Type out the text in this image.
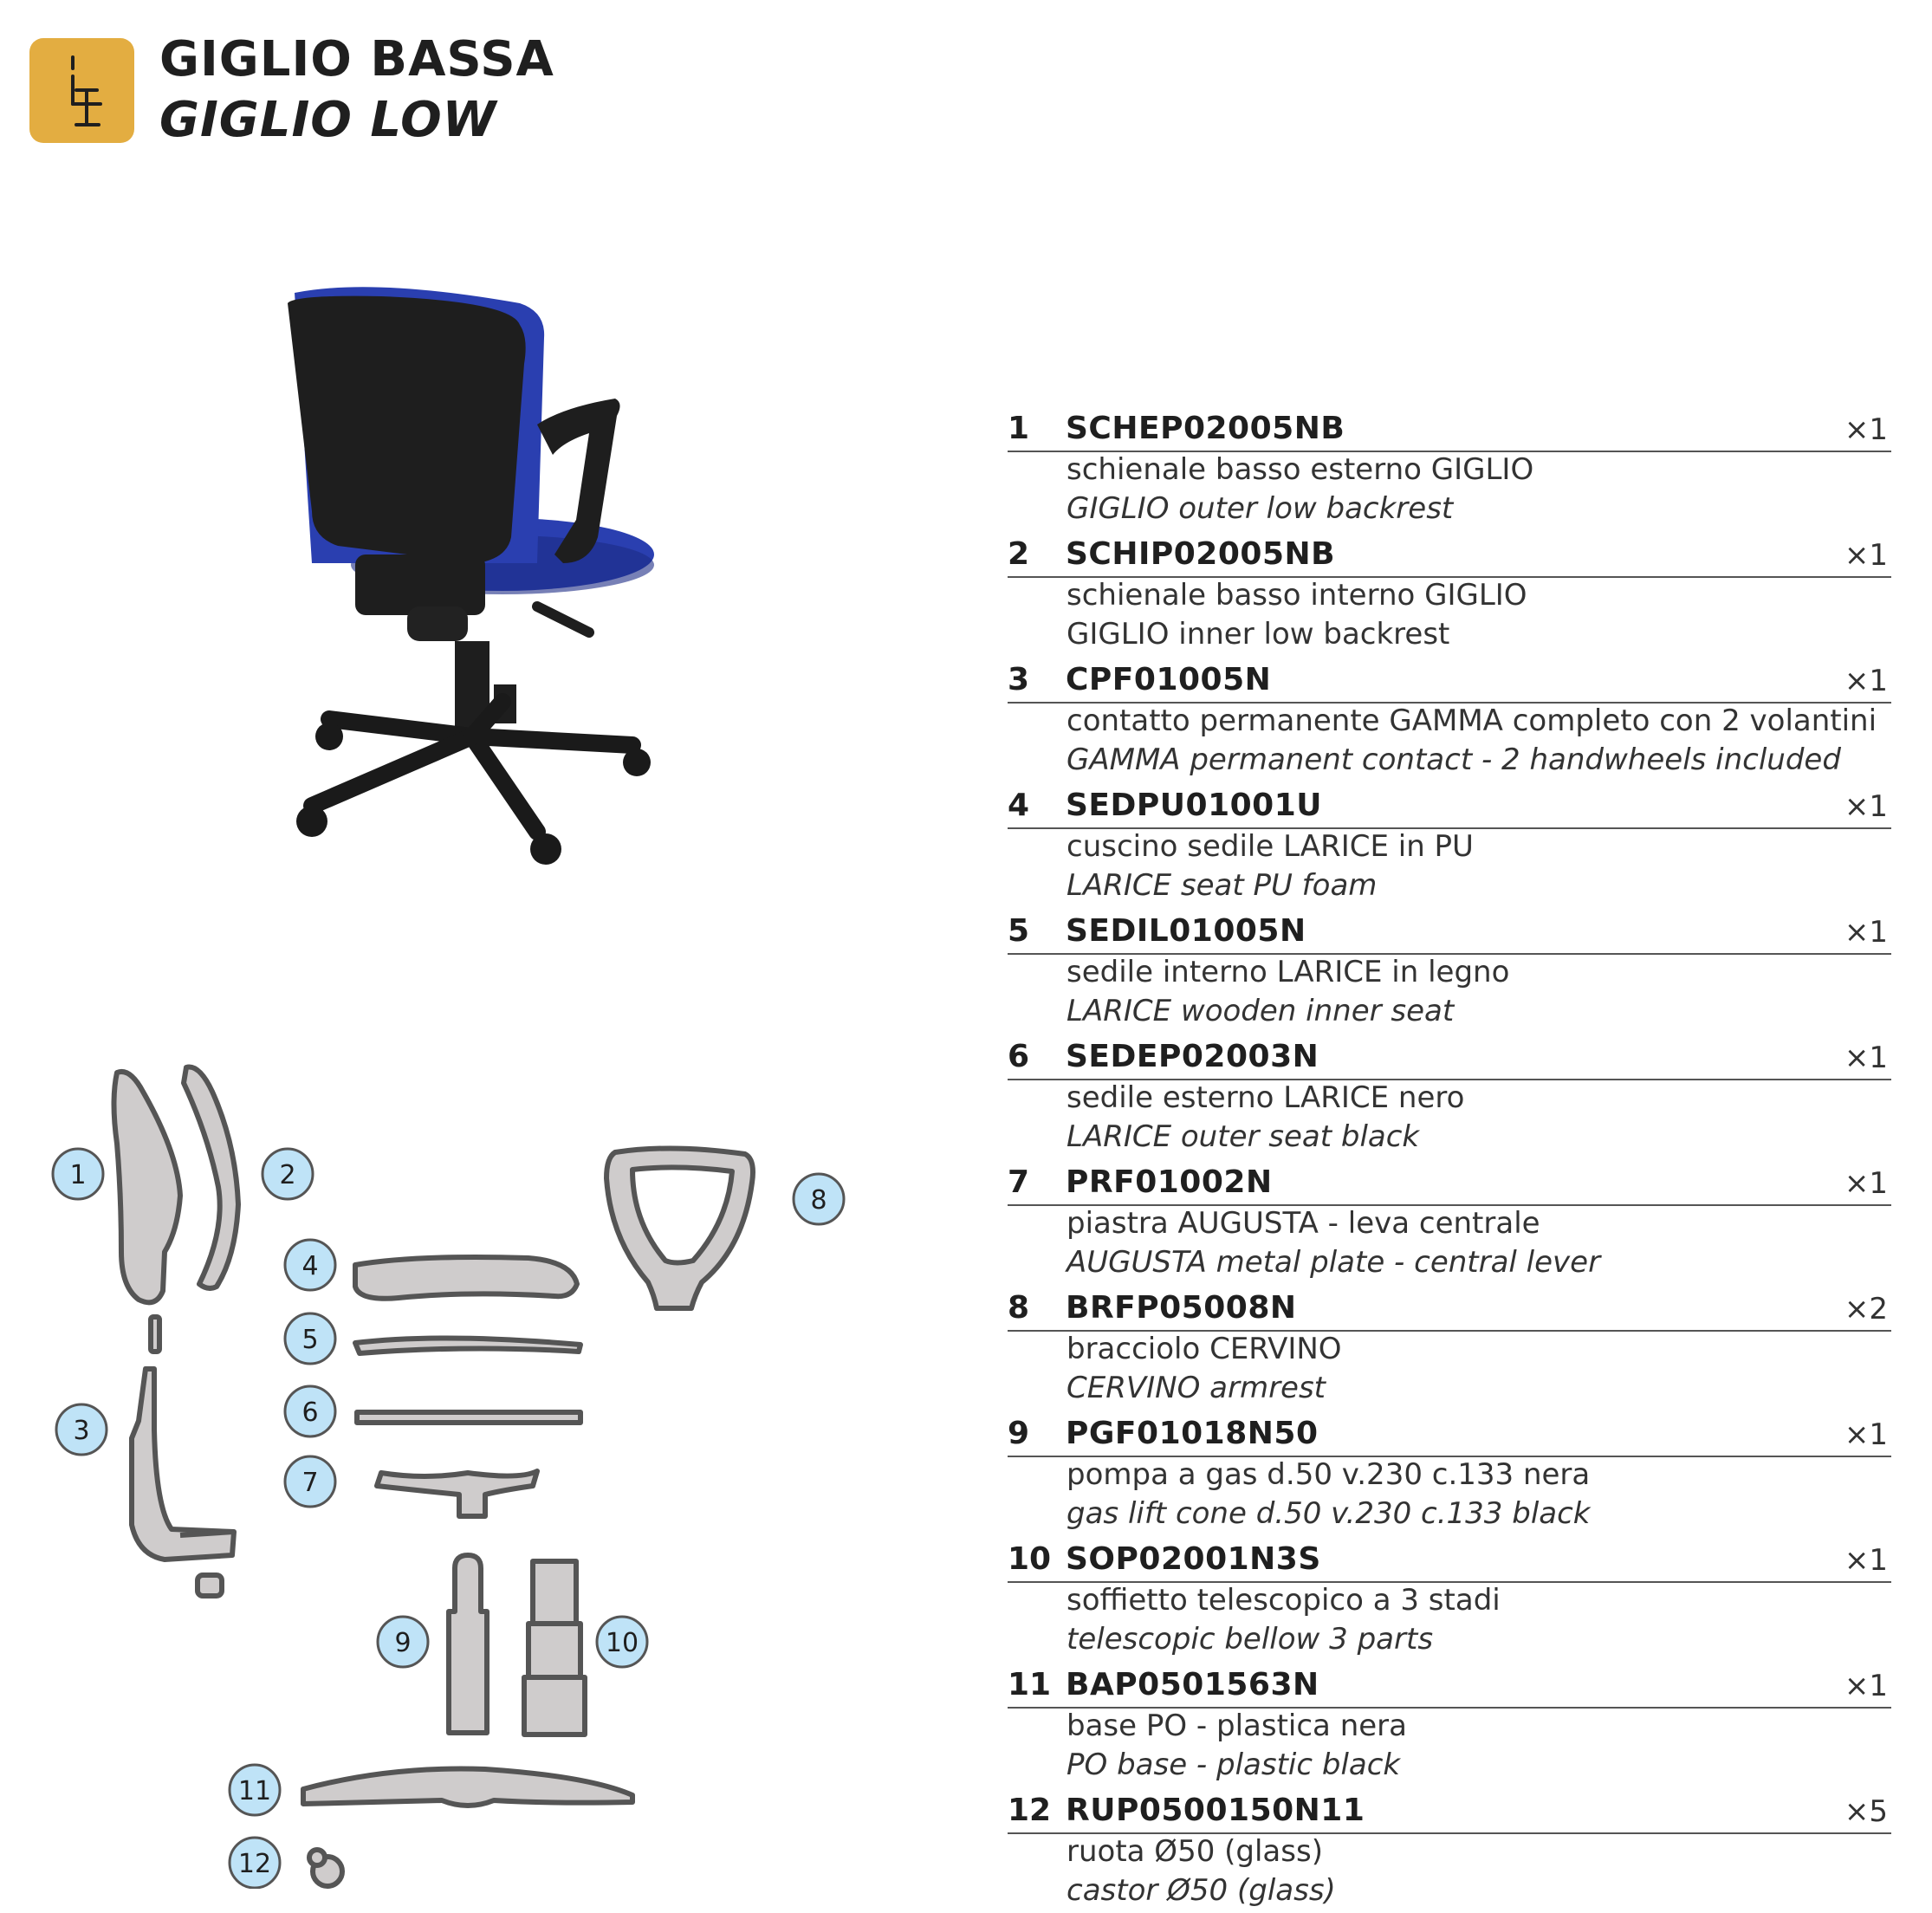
GIGLIO BASSA
GIGLIO LOW
1	2
3
4
5
6
7
8
9	10
11
12
1 SCHEP02005NB	×1
schienale basso esterno GIGLIO
GIGLIO outer low backrest
2 SCHIP02005NB	×1
schienale basso interno GIGLIO
GIGLIO inner low backrest
3 CPF01005N	×1
contatto permanente GAMMA completo con 2 volantini
GAMMA permanent contact - 2 handwheels included
4 SEDPU01001U	×1
cuscino sedile LARICE in PU
LARICE seat PU foam
5 SEDIL01005N	×1
sedile interno LARICE in legno
LARICE wooden inner seat
6 SEDEP02003N	×1
sedile esterno LARICE nero
LARICE outer seat black
7 PRF01002N	×1
piastra AUGUSTA - leva centrale
AUGUSTA metal plate - central lever
8 BRFP05008N	×2
bracciolo CERVINO
CERVINO armrest
9 PGF01018N50	×1
pompa a gas d.50 v.230 c.133 nera
gas lift cone d.50 v.230 c.133 black
10 SOP02001N3S	×1
soffietto telescopico a 3 stadi
telescopic bellow 3 parts
11 BAP0501563N	×1
base PO - plastica nera
PO base - plastic black
12 RUP0500150N11	×5
ruota Ø50 (glass)
castor Ø50 (glass)
